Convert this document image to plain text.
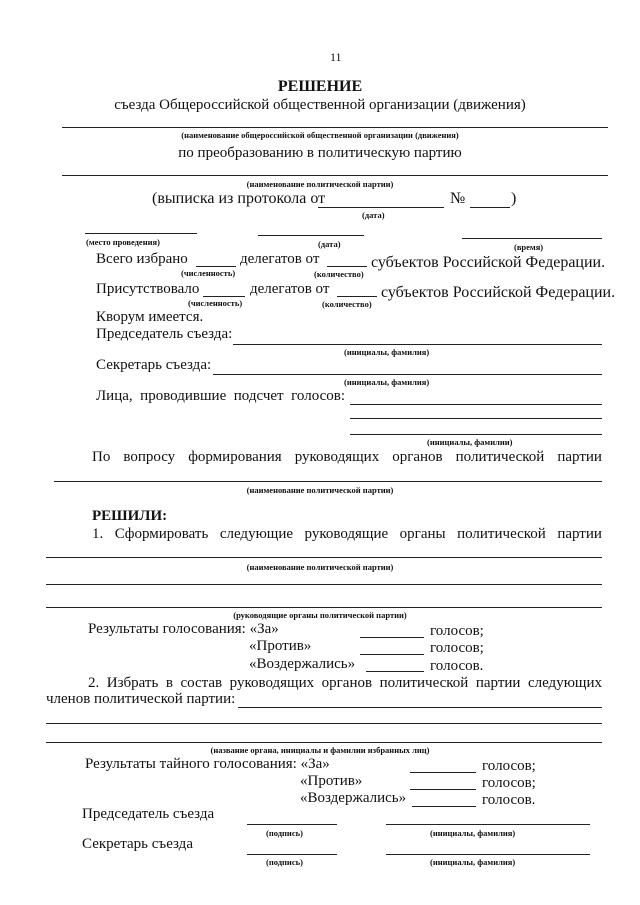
11
РЕШЕНИЕ
съезда Общероссийской общественной организации (движения)
(наименование общероссийской общественной организации (движения)
по преобразованию в политическую партию
(наименование политической партии)
(выписка из протокола от	№	)
(дата)
(место проведения)	(дата)	(время)
Всего избрано	делегатов от	субъектов Российской Федерации.
(численность)	(количество)
Присутствовало	делегатов от	субъектов Российской Федерации.
(численность)	(количество)
Кворум имеется.
Председатель съезда:
(инициалы, фамилия)
Секретарь съезда:
(инициалы, фамилия)
Лица, проводившие подсчет голосов:
(инициалы, фамилии)
По вопросу формирования руководящих органов политической партии
(наименование политической партии)
РЕШИЛИ:
1. Сформировать следующие руководящие органы политической партии
(наименование политической партии)
(руководящие органы политической партии)
Результаты голосования: «За»	голосов;
«Против»	голосов;
«Воздержались»	голосов.
2. Избрать в состав руководящих органов политической партии следующих
членов политической партии:
(название органа, инициалы и фамилии избранных лиц)
Результаты тайного голосования: «За»	голосов;
«Против»	голосов;
«Воздержались»	голосов.
Председатель съезда
(подпись)	(инициалы, фамилия)
Секретарь съезда
(подпись)	(инициалы, фамилия)
